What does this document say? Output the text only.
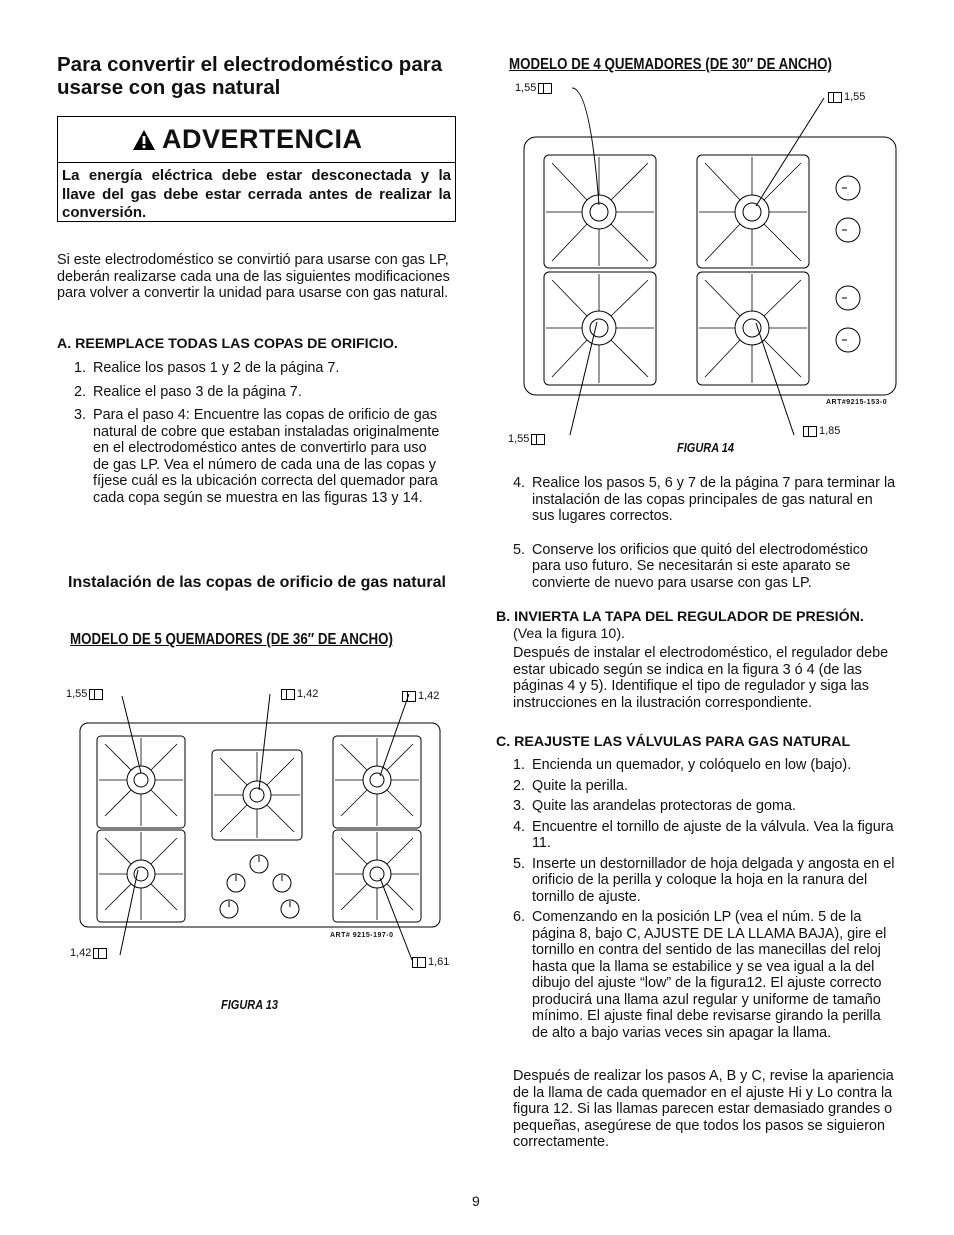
Para convertir el electrodoméstico para usarse con gas natural
ADVERTENCIA
La energía eléctrica debe estar desconectada y la llave del gas debe estar cerrada antes de realizar la conversión.

Si este electrodoméstico se convirtió para usarse con gas LP, deberán realizarse cada una de las siguientes modificaciones para volver a convertir la unidad para usarse con gas natural.

A. REEMPLACE TODAS LAS COPAS DE ORIFICIO.
1. Realice los pasos 1 y 2 de la página 7.
2. Realice el paso 3 de la página 7.
3. Para el paso 4: Encuentre las copas de orificio de gas natural de cobre que estaban instaladas originalmente en el electrodoméstico antes de convertirlo para uso de gas LP. Vea el número de cada una de las copas y fíjese cuál es la ubicación correcta del quemador para cada copa según se muestra en las figuras 13 y 14.
Instalación de las copas de orificio de gas natural
MODELO DE 5 QUEMADORES (DE 36″ DE ANCHO)
ART# 9215-197-0
1,55	1,42	1,42
1,42
1,61
FIGURA 13
MODELO DE 4 QUEMADORES (DE 30″ DE ANCHO)
ART#9215-153-0
1,55
1,55
1,55
1,85
FIGURA 14
4. Realice los pasos 5, 6 y 7 de la página 7 para terminar la instalación de las copas principales de gas natural en sus lugares correctos.
5. Conserve los orificios que quitó del electrodoméstico para uso futuro. Se necesitarán si este aparato se convierte de nuevo para usarse con gas LP.
B. INVIERTA LA TAPA DEL REGULADOR DE PRESIÓN. (Vea la figura 10).
Después de instalar el electrodoméstico, el regulador debe estar ubicado según se indica en la figura 3 ó 4 (de las páginas 4 y 5). Identifique el tipo de regulador y siga las instrucciones en la ilustración correspondiente.
C. REAJUSTE LAS VÁLVULAS PARA GAS NATURAL
1. Encienda un quemador, y colóquelo en low (bajo).
2. Quite la perilla.
3. Quite las arandelas protectoras de goma.
4. Encuentre el tornillo de ajuste de la válvula. Vea la figura 11.
5. Inserte un destornillador de hoja delgada y angosta en el orificio de la perilla y coloque la hoja en la ranura del tornillo de ajuste.
6. Comenzando en la posición LP (vea el núm. 5 de la página 8, bajo C, AJUSTE DE LA LLAMA BAJA), gire el tornillo en contra del sentido de las manecillas del reloj hasta que la llama se estabilice y se vea igual a la del dibujo del ajuste “low” de la figura12. El ajuste correcto producirá una llama azul regular y uniforme de tamaño mínimo. El ajuste final debe revisarse girando la perilla de alto a bajo varias veces sin apagar la llama.

Después de realizar los pasos A, B y C, revise la apariencia de la llama de cada quemador en el ajuste Hi y Lo contra la figura 12. Si las llamas parecen estar demasiado grandes o pequeñas, asegúrese de que todos los pasos se siguieron correctamente.

9
